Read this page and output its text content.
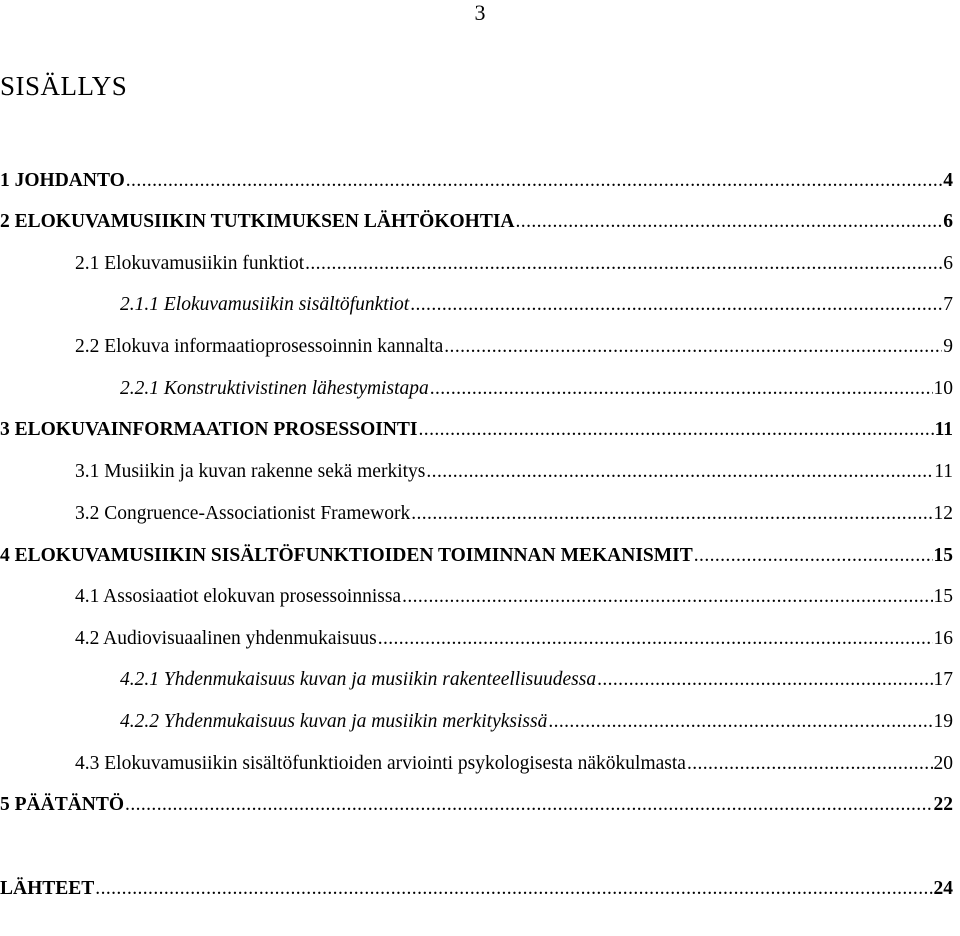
3
SISÄLLYS
1 JOHDANTO .....	4
2 ELOKUVAMUSIIKIN TUTKIMUKSEN LÄHTÖKOHTIA .....	6
2.1 Elokuvamusiikin funktiot .....	6
2.1.1 Elokuvamusiikin sisältöfunktiot .....	7
2.2 Elokuva informaatioprosessoinnin kannalta .....	9
2.2.1 Konstruktivistinen lähestymistapa .....	10
3 ELOKUVAINFORMAATION PROSESSOINTI .....	11
3.1 Musiikin ja kuvan rakenne sekä merkitys .....	11
3.2 Congruence-Associationist Framework .....	12
4 ELOKUVAMUSIIKIN SISÄLTÖFUNKTIOIDEN TOIMINNAN MEKANISMIT .....	15
4.1 Assosiaatiot elokuvan prosessoinnissa .....	15
4.2 Audiovisuaalinen yhdenmukaisuus .....	16
4.2.1 Yhdenmukaisuus kuvan ja musiikin rakenteellisuudessa .....	17
4.2.2 Yhdenmukaisuus kuvan ja musiikin merkityksissä .....	19
4.3 Elokuvamusiikin sisältöfunktioiden arviointi psykologisesta näkökulmasta .....	20
5 PÄÄTÄNTÖ .....	22
LÄHTEET .....	24
